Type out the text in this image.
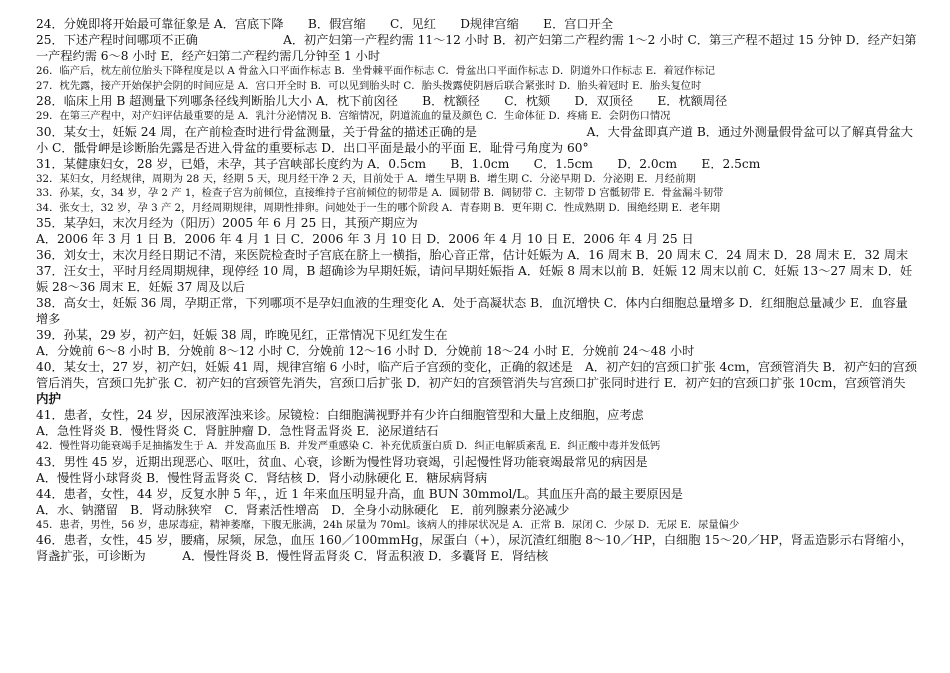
24．分娩即将开始最可靠征象是 A．宫底下降　　B．假宫缩　　C．见红　　D规律宫缩　　E．宫口开全

25．下述产程时间哪项不正确　　　　　　　A．初产妇第一产程约需 11～12 小时 B．初产妇第二产程约需 1～2 小时 C．第三产程不超过 15 分钟 D．经产妇第一产程约需 6～8 小时 E．经产妇第二产程约需几分钟至 1 小时

26．临产后，枕左前位胎头下降程度是以 A 骨盆入口平面作标志 B．坐骨棘平面作标志 C．骨盆出口平面作标志 D．阴道外口作标志 E．着冠作标记

27．枕先露，接产开始保护会阴的时间应是 A．宫口开全时 B．可以见到胎头时 C．胎头拨露使阴唇后联合紧张时 D．胎头着冠时 E．胎头复位时

28．临床上用 B 超测量下列哪条径线判断胎儿大小 A．枕下前囟径　　B．枕额径　　C．枕颏　　D．双顶径　　E．枕额周径

29．在第三产程中，对产妇评估最重要的是 A．乳汁分泌情况 B．宫缩情况，阴道流血的量及颜色 C．生命体征 D．疼痛 E．会阴伤口情况

30．某女士，妊娠 24 周，在产前检查时进行骨盆测量，关于骨盆的描述正确的是　　　　　　　　　A．大骨盆即真产道 B．通过外测量假骨盆可以了解真骨盆大小 C．骶骨岬是诊断胎先露是否进入骨盆的重要标志 D．出口平面是最小的平面 E．耻骨弓角度为 60°

31．某健康妇女，28 岁，已婚，未孕，其子宫峡部长度约为 A．0.5cm　　B．1.0cm　　C．1.5cm　　D．2.0cm　　E．2.5cm

32．某妇女，月经规律，周期为 28 天，经期 5 天，现月经干净 2 天，目前处于 A．增生早期 B．增生期 C．分泌早期 D．分泌期 E．月经前期

33．孙某，女，34 岁，孕 2 产 1，检查子宫为前倾位，直接维持子宫前倾位的韧带是 A．圆韧带 B．阔韧带 C．主韧带 D 宫骶韧带 E．骨盆漏斗韧带

34．张女士，32 岁，孕 3 产 2，月经周期规律，周期性排卵。问她处于一生的哪个阶段 A．青春期 B．更年期 C．性成熟期 D．围绝经期 E．老年期

35．某孕妇，末次月经为（阳历）2005 年 6 月 25 日，其预产期应为

A．2006 年 3 月 1 日 B．2006 年 4 月 1 日 C．2006 年 3 月 10 日 D．2006 年 4 月 10 日 E．2006 年 4 月 25 日

36．刘女士，末次月经日期记不清，来医院检查时子宫底在脐上一横指，胎心音正常，估计妊娠为 A．16 周末 B．20 周末 C．24 周末 D．28 周末 E．32 周末

37．汪女士，平时月经周期规律，现停经 10 周，B 超确诊为早期妊娠，请问早期妊娠指 A．妊娠 8 周末以前 B．妊娠 12 周末以前 C．妊娠 13～27 周末 D．妊娠 28～36 周末 E．妊娠 37 周及以后

38．高女士，妊娠 36 周，孕期正常，下列哪项不是孕妇血液的生理变化 A．处于高凝状态 B．血沉增快 C．体内白细胞总量增多 D．红细胞总量减少 E．血容量增多

39．孙某，29 岁，初产妇，妊娠 38 周，昨晚见红，正常情况下见红发生在

A．分娩前 6～8 小时 B．分娩前 8～12 小时 C．分娩前 12～16 小时 D．分娩前 18～24 小时 E．分娩前 24～48 小时

40．某女士，27 岁，初产妇，妊娠 41 周，规律宫缩 6 小时，临产后子宫颈的变化，正确的叙述是　A．初产妇的宫颈口扩张 4cm，宫颈管消失 B．初产妇的宫颈管后消失，宫颈口先扩张 C．初产妇的宫颈管先消失，宫颈口后扩张 D．初产妇的宫颈管消失与宫颈口扩张同时进行 E．初产妇的宫颈口扩张 10cm，宫颈管消失

内护

41．患者，女性，24 岁，因尿液浑浊来诊。尿镜检：白细胞满视野并有少许白细胞管型和大量上皮细胞，应考虑

A．急性肾炎 B．慢性肾炎 C．肾脏肿瘤 D．急性肾盂肾炎 E．泌尿道结石

42．慢性肾功能衰竭手足抽搐发生于 A．并发高血压 B．并发严重感染 C．补充优质蛋白质 D．纠正电解质紊乱 E．纠正酸中毒并发低钙

43．男性 45 岁，近期出现恶心、呕吐，贫血、心衰，诊断为慢性肾功衰竭，引起慢性肾功能衰竭最常见的病因是

A．慢性肾小球肾炎 B．慢性肾盂肾炎 C．肾结核 D．肾小动脉硬化 E．糖尿病肾病

44．患者，女性，44 岁，反复水肿 5 年，，近 1 年来血压明显升高，血 BUN 30mmol/L。其血压升高的最主要原因是

A．水、钠潴留　B．肾动脉狭窄　C．肾素活性增高　D．全身小动脉硬化　E．前列腺素分泌减少

45．患者，男性，56 岁，患尿毒症，精神萎靡，下腹无胀满，24h 尿量为 70ml。该病人的排尿状况是 A．正常 B．尿闭 C．少尿 D．无尿 E．尿量偏少

46．患者，女性，45 岁，腰痛，尿频，尿急，血压 160／100mmHg，尿蛋白（+），尿沉渣红细胞 8～10／HP，白细胞 15～20／HP，肾盂造影示右肾缩小，肾盏扩张，可诊断为　　　A．慢性肾炎 B．慢性肾盂肾炎 C．肾盂积液 D．多囊肾 E．肾结核
